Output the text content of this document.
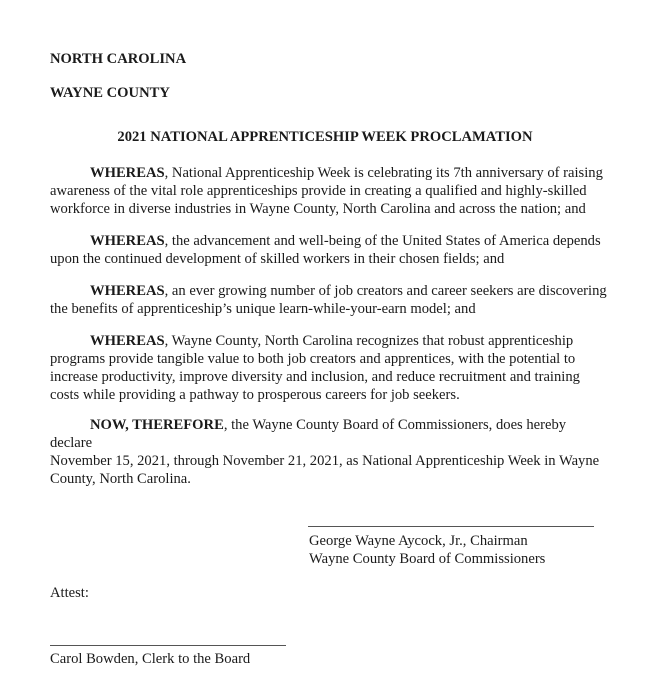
NORTH CAROLINA
WAYNE COUNTY
2021 NATIONAL APPRENTICESHIP WEEK PROCLAMATION
WHEREAS, National Apprenticeship Week is celebrating its 7th anniversary of raising
awareness of the vital role apprenticeships provide in creating a qualified and highly-skilled
workforce in diverse industries in Wayne County, North Carolina and across the nation; and
WHEREAS, the advancement and well-being of the United States of America depends
upon the continued development of skilled workers in their chosen fields; and
WHEREAS, an ever growing number of job creators and career seekers are discovering
the benefits of apprenticeship’s unique learn-while-your-earn model; and
WHEREAS, Wayne County, North Carolina recognizes that robust apprenticeship
programs provide tangible value to both job creators and apprentices, with the potential to
increase productivity, improve diversity and inclusion, and reduce recruitment and training
costs while providing a pathway to prosperous careers for job seekers.
NOW, THEREFORE, the Wayne County Board of Commissioners, does hereby declare
November 15, 2021, through November 21, 2021, as National Apprenticeship Week in Wayne
County, North Carolina.
George Wayne Aycock, Jr., Chairman
Wayne County Board of Commissioners
Attest:
Carol Bowden, Clerk to the Board
